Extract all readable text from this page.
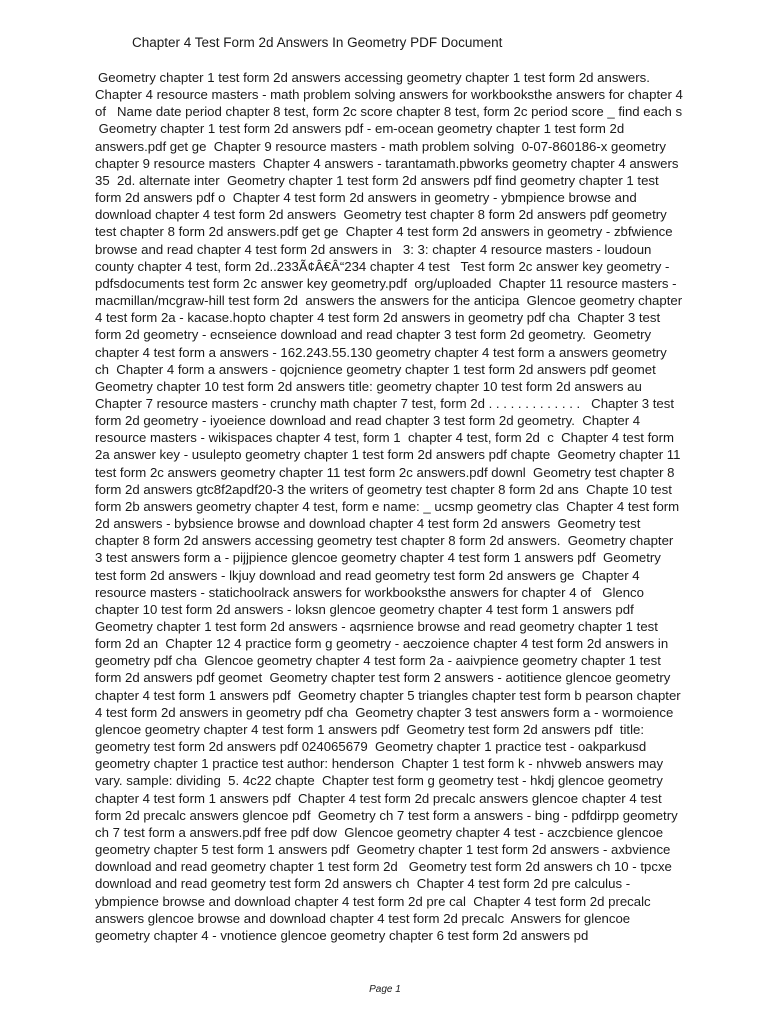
Chapter 4 Test Form 2d Answers In Geometry PDF Document
Geometry chapter 1 test form 2d answers accessing geometry chapter 1 test form 2d answers.
Chapter 4 resource masters - math problem solving answers for workbooksthe answers for chapter 4
of   Name date period chapter 8 test, form 2c score chapter 8 test, form 2c period score _ find each s
Geometry chapter 1 test form 2d answers pdf - em-ocean geometry chapter 1 test form 2d
answers.pdf get ge  Chapter 9 resource masters - math problem solving  0-07-860186-x geometry
chapter 9 resource masters  Chapter 4 answers - tarantamath.pbworks geometry chapter 4 answers
35  2d. alternate inter  Geometry chapter 1 test form 2d answers pdf find geometry chapter 1 test
form 2d answers pdf o  Chapter 4 test form 2d answers in geometry - ybmpience browse and
download chapter 4 test form 2d answers  Geometry test chapter 8 form 2d answers pdf geometry
test chapter 8 form 2d answers.pdf get ge  Chapter 4 test form 2d answers in geometry - zbfwience
browse and read chapter 4 test form 2d answers in   3: 3: chapter 4 resource masters - loudoun
county chapter 4 test, form 2d..233Ã¢Â€Â“234 chapter 4 test   Test form 2c answer key geometry -
pdfsdocuments test form 2c answer key geometry.pdf  org/uploaded  Chapter 11 resource masters -
macmillan/mcgraw-hill test form 2d  answers the answers for the anticipa  Glencoe geometry chapter
4 test form 2a - kacase.hopto chapter 4 test form 2d answers in geometry pdf cha  Chapter 3 test
form 2d geometry - ecnseience download and read chapter 3 test form 2d geometry.  Geometry
chapter 4 test form a answers - 162.243.55.130 geometry chapter 4 test form a answers geometry
ch  Chapter 4 form a answers - qojcnience geometry chapter 1 test form 2d answers pdf geomet
Geometry chapter 10 test form 2d answers title: geometry chapter 10 test form 2d answers au
Chapter 7 resource masters - crunchy math chapter 7 test, form 2d . . . . . . . . . . . . .   Chapter 3 test
form 2d geometry - iyoeience download and read chapter 3 test form 2d geometry.  Chapter 4
resource masters - wikispaces chapter 4 test, form 1  chapter 4 test, form 2d  c  Chapter 4 test form
2a answer key - usulepto geometry chapter 1 test form 2d answers pdf chapte  Geometry chapter 11
test form 2c answers geometry chapter 11 test form 2c answers.pdf downl  Geometry test chapter 8
form 2d answers gtc8f2apdf20-3 the writers of geometry test chapter 8 form 2d ans  Chapte 10 test
form 2b answers geometry chapter 4 test, form e name: _ ucsmp geometry clas  Chapter 4 test form
2d answers - bybsience browse and download chapter 4 test form 2d answers  Geometry test
chapter 8 form 2d answers accessing geometry test chapter 8 form 2d answers.  Geometry chapter
3 test answers form a - pijjpience glencoe geometry chapter 4 test form 1 answers pdf  Geometry
test form 2d answers - lkjuy download and read geometry test form 2d answers ge  Chapter 4
resource masters - statichoolrack answers for workbooksthe answers for chapter 4 of   Glenco
chapter 10 test form 2d answers - loksn glencoe geometry chapter 4 test form 1 answers pdf
Geometry chapter 1 test form 2d answers - aqsrnience browse and read geometry chapter 1 test
form 2d an  Chapter 12 4 practice form g geometry - aeczoience chapter 4 test form 2d answers in
geometry pdf cha  Glencoe geometry chapter 4 test form 2a - aaivpience geometry chapter 1 test
form 2d answers pdf geomet  Geometry chapter test form 2 answers - aotitience glencoe geometry
chapter 4 test form 1 answers pdf  Geometry chapter 5 triangles chapter test form b pearson chapter
4 test form 2d answers in geometry pdf cha  Geometry chapter 3 test answers form a - wormoience
glencoe geometry chapter 4 test form 1 answers pdf  Geometry test form 2d answers pdf  title:
geometry test form 2d answers pdf 024065679  Geometry chapter 1 practice test - oakparkusd
geometry chapter 1 practice test author: henderson  Chapter 1 test form k - nhvweb answers may
vary. sample: dividing  5. 4c22 chapte  Chapter test form g geometry test - hkdj glencoe geometry
chapter 4 test form 1 answers pdf  Chapter 4 test form 2d precalc answers glencoe chapter 4 test
form 2d precalc answers glencoe pdf  Geometry ch 7 test form a answers - bing - pdfdirpp geometry
ch 7 test form a answers.pdf free pdf dow  Glencoe geometry chapter 4 test - aczcbience glencoe
geometry chapter 5 test form 1 answers pdf  Geometry chapter 1 test form 2d answers - axbvience
download and read geometry chapter 1 test form 2d   Geometry test form 2d answers ch 10 - tpcxe
download and read geometry test form 2d answers ch  Chapter 4 test form 2d pre calculus -
ybmpience browse and download chapter 4 test form 2d pre cal  Chapter 4 test form 2d precalc
answers glencoe browse and download chapter 4 test form 2d precalc  Answers for glencoe
geometry chapter 4 - vnotience glencoe geometry chapter 6 test form 2d answers pd
Page 1
